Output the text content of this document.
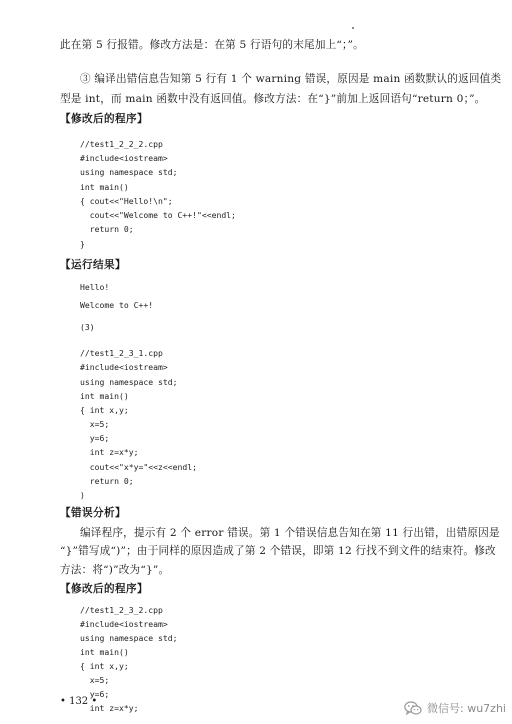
此在第 5 行报错。修改方法是：在第 5 行语句的末尾加上“；”。
③ 编译出错信息告知第 5 行有 1 个 warning 错误，原因是 main 函数默认的返回值类
型是 int，而 main 函数中没有返回值。修改方法：在“}”前加上返回语句“return 0；”。
【修改后的程序】
//test1_2_2_2.cpp
#include<iostream>
using namespace std;
int main()
{ cout<<"Hello!\n";
cout<<"Welcome to C++!"<<endl;
return 0;
}
【运行结果】
Hello!
Welcome to C++!
(3)
//test1_2_3_1.cpp
#include<iostream>
using namespace std;
int main()
{ int x,y;
x=5;
y=6;
int z=x*y;
cout<<"x*y="<<z<<endl;
return 0;
)
【错误分析】
编译程序，提示有 2 个 error 错误。第 1 个错误信息告知在第 11 行出错，出错原因是
“}”错写成“)”；由于同样的原因造成了第 2 个错误，即第 12 行找不到文件的结束符。修改
方法：将“)”改为“}”。
【修改后的程序】
//test1_2_3_2.cpp
#include<iostream>
using namespace std;
int main()
{ int x,y;
x=5;
y=6;
int z=x*y;
• 132 •
微信号: wu7zhi
